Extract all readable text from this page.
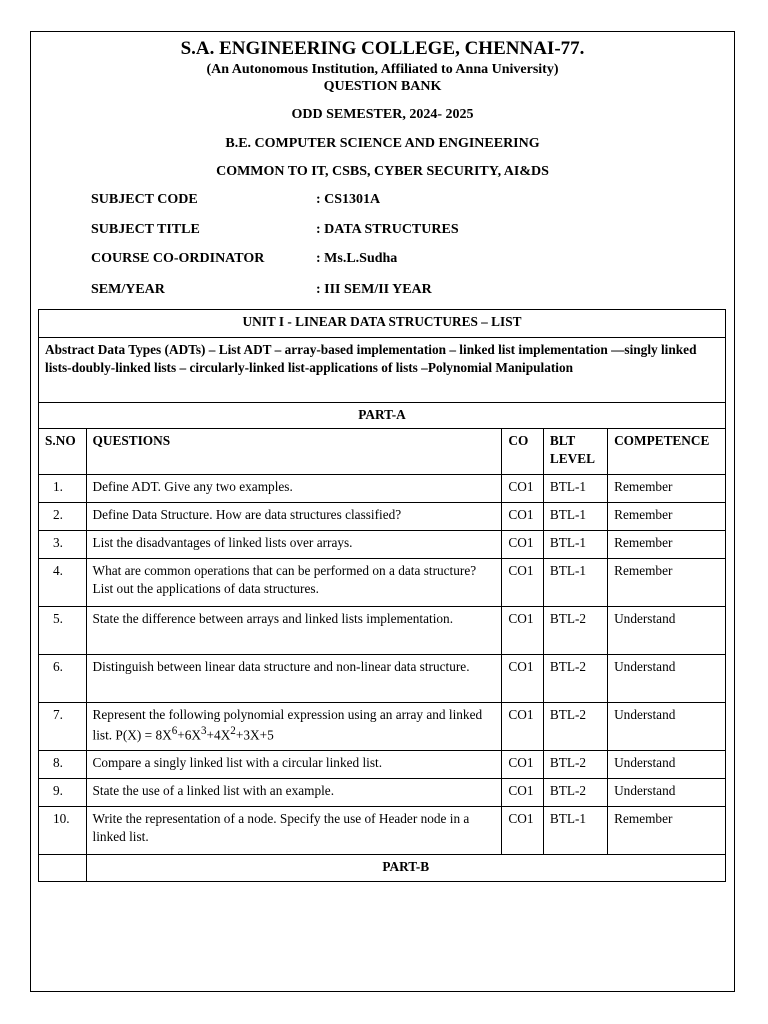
S.A. ENGINEERING COLLEGE, CHENNAI-77.
(An Autonomous Institution, Affiliated to Anna University)
QUESTION BANK
ODD SEMESTER, 2024- 2025
B.E. COMPUTER SCIENCE AND ENGINEERING
COMMON TO IT, CSBS, CYBER SECURITY, AI&DS
SUBJECT CODE	: CS1301A
SUBJECT TITLE	: DATA STRUCTURES
COURSE CO-ORDINATOR	: Ms.L.Sudha
SEM/YEAR	: III SEM/II YEAR
UNIT I - LINEAR DATA STRUCTURES – LIST				
Abstract Data Types (ADTs) – List ADT – array-based implementation – linked list implementation —singly linked lists-doubly-linked lists – circularly-linked list-applications of lists –Polynomial Manipulation				
PART-A				
S.NO	QUESTIONS	CO	BLT LEVEL	COMPETENCE
1.	Define ADT. Give any two examples.	CO1	BTL-1	Remember
2.	Define Data Structure. How are data structures classified?	CO1	BTL-1	Remember
3.	List the disadvantages of linked lists over arrays.	CO1	BTL-1	Remember
4.	What are common operations that can be performed on a data structure? List out the applications of data structures.	CO1	BTL-1	Remember
5.	State the difference between arrays and linked lists implementation.	CO1	BTL-2	Understand
6.	Distinguish between linear data structure and non-linear data structure.	CO1	BTL-2	Understand
7.	Represent the following polynomial expression using an array and linked list. $P(X) = 8X^6+6X^3+4X^2+3X+5$	CO1	BTL-2	Understand
8.	Compare a singly linked list with a circular linked list.	CO1	BTL-2	Understand
9.	State the use of a linked list with an example.	CO1	BTL-2	Understand
10.	Write the representation of a node. Specify the use of Header node in a linked list.	CO1	BTL-1	Remember
	PART-B			
